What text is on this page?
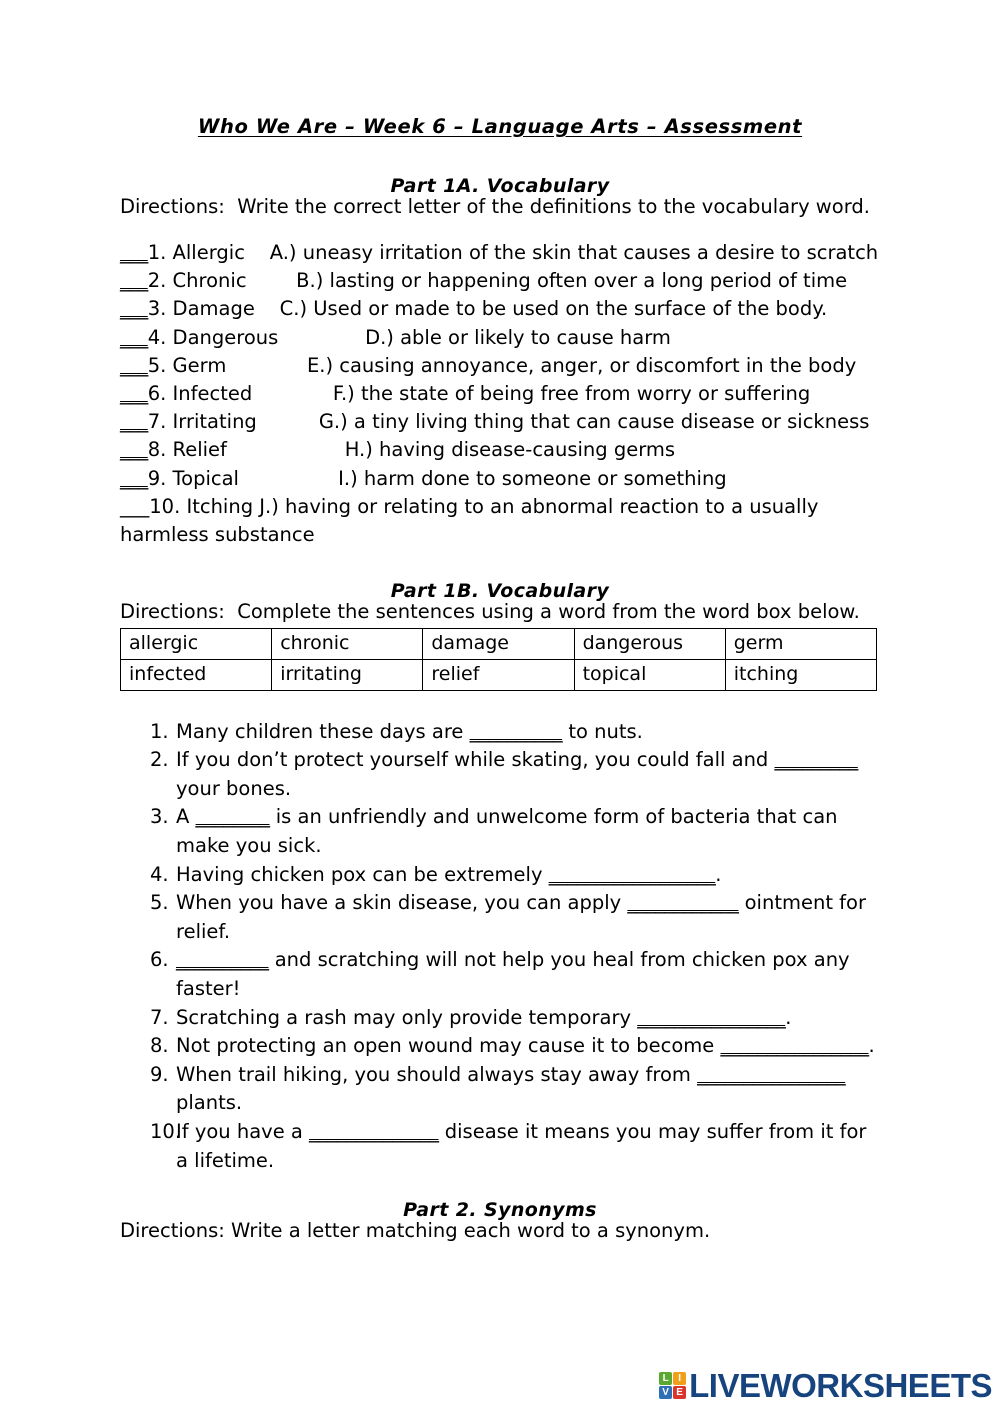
Who We Are – Week 6 – Language Arts – Assessment
Part 1A. Vocabulary
Directions:  Write the correct letter of the definitions to the vocabulary word.
___1. Allergic A.) uneasy irritation of the skin that causes a desire to scratch
___2. Chronic	B.) lasting or happening often over a long period of time
___3. Damage C.) Used or made to be used on the surface of the body.
___4. Dangerous	D.) able or likely to cause harm
___5. Germ	E.) causing annoyance, anger, or discomfort in the body
___6. Infected	F.) the state of being free from worry or suffering
___7. Irritating	G.) a tiny living thing that can cause disease or sickness
___8. Relief	H.) having disease-causing germs
___9. Topical	I.) harm done to someone or something
___10. Itching J.) having or relating to an abnormal reaction to a usually harmless substance
Part 1B. Vocabulary
Directions:  Complete the sentences using a word from the word box below.
allergic	chronic	damage	dangerous	germ
infected	irritating	relief	topical	itching
1. Many children these days are __________ to nuts.
2. If you don’t protect yourself while skating, you could fall and _________ your bones.
3. A ________ is an unfriendly and unwelcome form of bacteria that can make you sick.
4. Having chicken pox can be extremely __________________.
5. When you have a skin disease, you can apply ____________ ointment for relief.
6. __________ and scratching will not help you heal from chicken pox any faster!
7. Scratching a rash may only provide temporary ________________.
8. Not protecting an open wound may cause it to become ________________.
9. When trail hiking, you should always stay away from ________________ plants.
10.
If you have a ______________ disease it means you may suffer from it for a lifetime.
Part 2. Synonyms
Directions: Write a letter matching each word to a synonym.
L I
V E LIVEWORKSHEETS
